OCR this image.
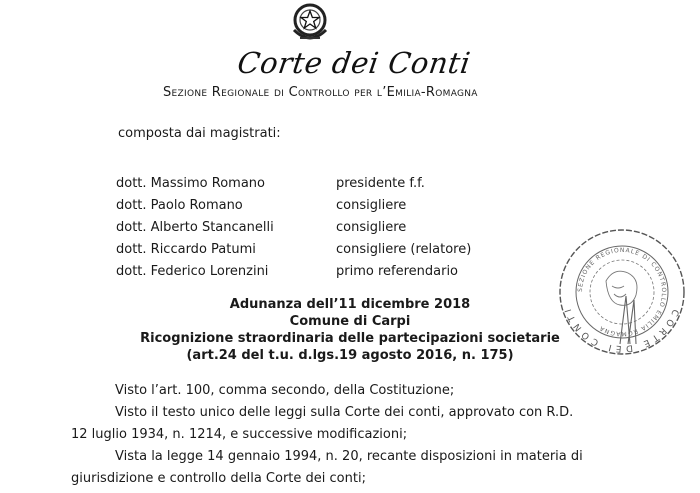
Corte dei Conti
Sezione Regionale di Controllo per l’Emilia-Romagna
composta dai magistrati:
dott. Massimo Romano	presidente f.f.
dott. Paolo Romano	consigliere
dott. Alberto Stancanelli	consigliere
dott. Riccardo Patumi	consigliere (relatore)
dott. Federico Lorenzini	primo referendario
Adunanza dell’11 dicembre 2018
Comune di Carpi
Ricognizione straordinaria delle partecipazioni societarie
(art.24 del t.u. d.lgs.19 agosto 2016, n. 175)
Visto l’art. 100, comma secondo, della Costituzione;
Visto il testo unico delle leggi sulla Corte dei conti, approvato con R.D.
12 luglio 1934, n. 1214, e successive modificazioni;
Vista la legge 14 gennaio 1994, n. 20, recante disposizioni in materia di
giurisdizione e controllo della Corte dei conti;
CORTE DEI CONTI
SEZIONE REGIONALE DI CONTROLLO EMILIA ROMAGNA
